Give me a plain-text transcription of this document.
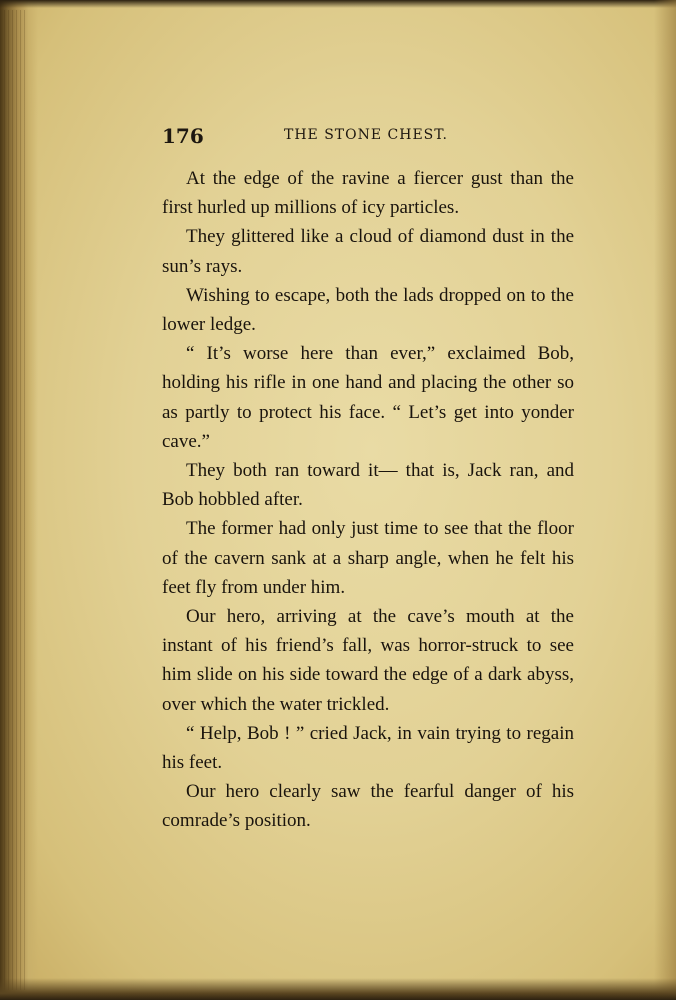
176	THE STONE CHEST.

At the edge of the ravine a fiercer gust than the first hurled up millions of icy particles.

They glittered like a cloud of diamond dust in the sun’s rays.

Wishing to escape, both the lads dropped on to the lower ledge.

“ It’s worse here than ever,” exclaimed Bob, holding his rifle in one hand and placing the other so as partly to protect his face. “ Let’s get into yonder cave.”

They both ran toward it— that is, Jack ran, and Bob hobbled after.

The former had only just time to see that the floor of the cavern sank at a sharp angle, when he felt his feet fly from under him.

Our hero, arriving at the cave’s mouth at the instant of his friend’s fall, was horror-struck to see him slide on his side toward the edge of a dark abyss, over which the water trickled.

“ Help, Bob ! ” cried Jack, in vain trying to regain his feet.

Our hero clearly saw the fearful danger of his comrade’s position.
